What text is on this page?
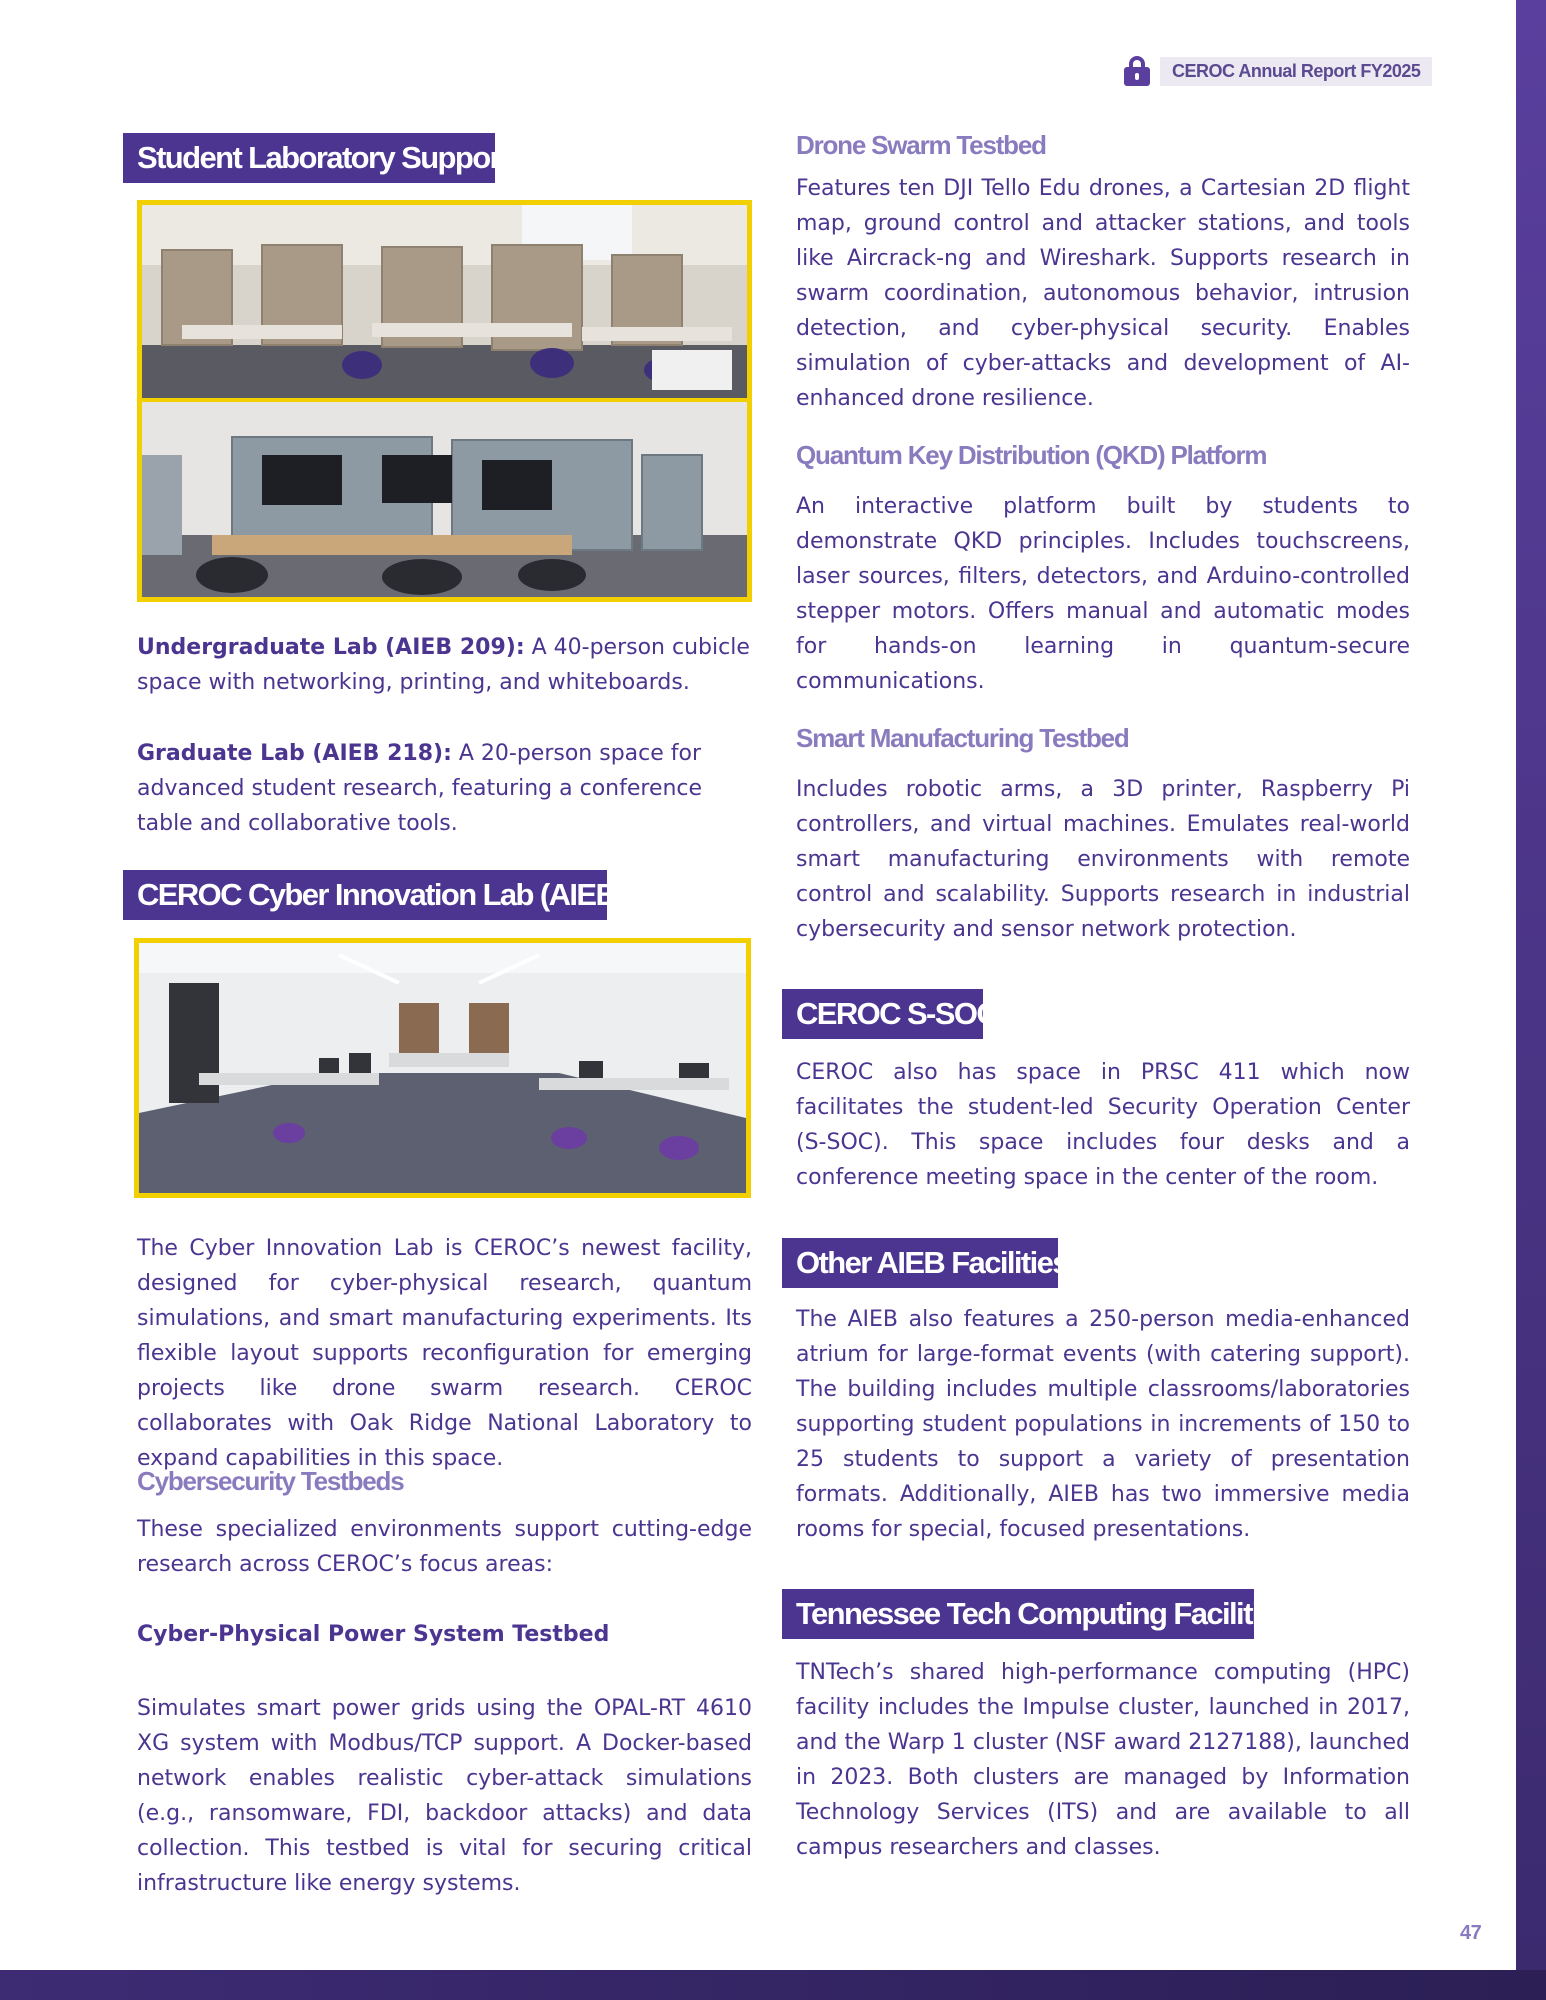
47
CEROC Annual Report FY2025
Student Laboratory Support

Undergraduate Lab (AIEB 209): A 40-person cubicle space with networking, printing, and whiteboards.

Graduate Lab (AIEB 218): A 20-person space for advanced student research, featuring a conference table and collaborative tools.

CEROC Cyber Innovation Lab (AIEB 206)

The Cyber Innovation Lab is CEROC’s newest facility, designed for cyber-physical research, quantum simulations, and smart manufacturing experiments. Its flexible layout supports reconfiguration for emerging projects like drone swarm research. CEROC collaborates with Oak Ridge National Laboratory to expand capabilities in this space.

Cybersecurity Testbeds

These specialized environments support cutting-edge research across CEROC’s focus areas:

Cyber-Physical Power System Testbed

Simulates smart power grids using the OPAL-RT 4610 XG system with Modbus/TCP support. A Docker-based network enables realistic cyber-attack simulations (e.g., ransomware, FDI, backdoor attacks) and data collection. This testbed is vital for securing critical infrastructure like energy systems.

Drone Swarm Testbed

Features ten DJI Tello Edu drones, a Cartesian 2D flight map, ground control and attacker stations, and tools like Aircrack-ng and Wireshark. Supports research in swarm coordination, autonomous behavior, intrusion detection, and cyber-physical security. Enables simulation of cyber-attacks and development of AI-enhanced drone resilience.

Quantum Key Distribution (QKD) Platform

An interactive platform built by students to demonstrate QKD principles. Includes touchscreens, laser sources, filters, detectors, and Arduino-controlled stepper motors. Offers manual and automatic modes for hands-on learning in quantum-secure communications.

Smart Manufacturing Testbed

Includes robotic arms, a 3D printer, Raspberry Pi controllers, and virtual machines. Emulates real-world smart manufacturing environments with remote control and scalability. Supports research in industrial cybersecurity and sensor network protection.

CEROC S-SOC

CEROC also has space in PRSC 411 which now facilitates the student-led Security Operation Center (S-SOC). This space includes four desks and a conference meeting space in the center of the room.

Other AIEB Facilities

The AIEB also features a 250-person media-enhanced atrium for large-format events (with catering support). The building includes multiple classrooms/laboratories supporting student populations in increments of 150 to 25 students to support a variety of presentation formats. Additionally, AIEB has two immersive media rooms for special, focused presentations.

Tennessee Tech Computing Facilities

TNTech’s shared high-performance computing (HPC) facility includes the Impulse cluster, launched in 2017, and the Warp 1 cluster (NSF award 2127188), launched in 2023. Both clusters are managed by Information Technology Services (ITS) and are available to all campus researchers and classes.
